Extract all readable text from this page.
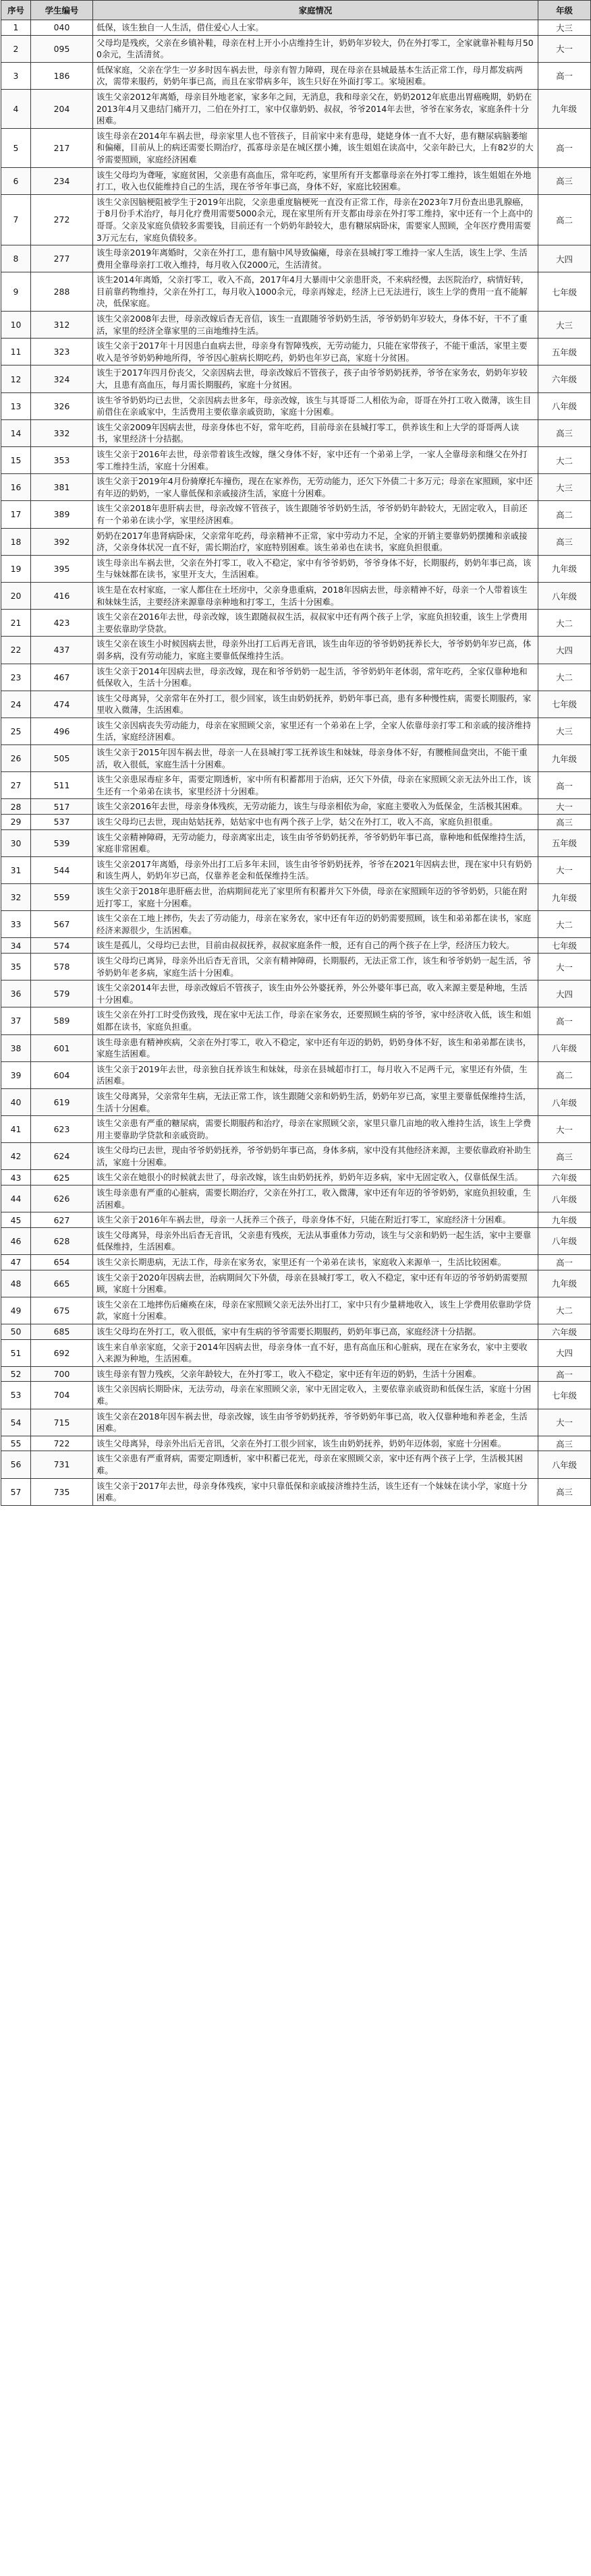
序号	学生编号	家庭情况	年级
1	040	低保，该生独自一人生活，借住爱心人士家。	大三
2	095	父母均是残疾，父亲在乡镇补鞋，母亲在村上开小小店维持生计，奶奶年岁较大，仍在外打零工，全家就靠补鞋每月500余元，生活清贫。	大一
3	186	低保家庭，父亲在学生一岁多时因车祸去世，母亲有智力障碍，现在母亲在县城最基本生活正常工作，母月都发病两次，需带来服药，奶奶年事已高，而且在家带病多年，该生只好在外面打零工。家境困难。	高一
4	204	该生父亲2012年离婚，母亲目外地老家，家多年之间，无消息，我和母亲父在，奶奶2012年底患出胃癌晚期，奶奶在2013年4月又患结门痛开刀，二伯在外打工，家中仅靠奶奶、叔叔，爷爷2014年去世，爷爷在家务农，家庭条件十分困难。	九年级
5	217	该生母亲在2014年车祸去世，母亲家里人也不管孩子，目前家中来有患母，姥姥身体一直不大好，患有糖尿病脑萎缩和偏瘫，目前从上的病还需要长期治疗，孤寡母亲是在城区摆小摊，该生姐姐在读高中，父亲年龄已大，上有82岁的大爷需要照顾，家庭经济困难	高一
6	234	该生父母均为聋哑，家庭贫困，父亲患有高血压，常年吃药，家里所有开支都靠母亲在外打零工维持，该生姐姐在外地打工，收入也仅能维持自己的生活，现在爷爷年事已高，身体不好，家庭比较困难。	高三
7	272	该生父亲因脑梗阻被学生于2019年出院，父亲患重度脑梗死一直没有正常工作，母亲在2023年7月份查出患乳腺癌，于8月份手术治疗，每月化疗费用需要5000余元，现在家里所有开支都由母亲在外打零工维持，家中还有一个上高中的哥哥。父亲及家庭负债较多需要钱，目前还有一个奶奶年龄较大，患有糖尿病卧床，需要家人照顾，全年医疗费用需要3万元左右，家庭负债较多。	高二
8	277	该生母亲2019年离婚时，父亲在外打工，患有脑中风导致偏瘫，母亲在县城打零工维持一家人生活，该生上学、生活费用全靠母亲打工收入维持，每月收入仅2000元，生活清贫。	大四
9	288	该生2014年离婚，父亲打零工，收入不高，2017年4月大暴雨中父亲患肝炎，不来病经慢，去医院治疗，病情好转，目前靠药物维持，父亲在外打工，每月收入1000余元，母亲再嫁走，经济上已无法进行，该生上学的费用一直不能解决，低保家庭。	七年级
10	312	该生父亲2008年去世，母亲改嫁后杳无音信，该生一直跟随爷爷奶奶生活，爷爷奶奶年岁较大，身体不好，干不了重活，家里的经济全靠家里的三亩地维持生活。	大三
11	323	该生父亲于2017年十月因患白血病去世，母亲身有智障残疾，无劳动能力，只能在家带孩子，不能干重活，家里主要收入是爷爷奶奶种地所得，爷爷因心脏病长期吃药，奶奶也年岁已高，家庭十分贫困。	五年级
12	324	该生于2017年四月份丧父，父亲因病去世，母亲改嫁后不管孩子，孩子由爷爷奶奶抚养，爷爷在家务农，奶奶年岁较大，且患有高血压，每月需长期服药，家庭十分贫困。	六年级
13	326	该生爷爷奶奶均已去世，父亲因病去世多年，母亲改嫁，该生与其哥哥二人相依为命，哥哥在外打工收入微薄，该生目前借住在亲戚家中，生活费用主要依靠亲戚资助，家庭十分困难。	八年级
14	332	该生父亲2009年因病去世，母亲身体也不好，常年吃药，目前母亲在县城打零工，供养该生和上大学的哥哥两人读书，家里经济十分拮据。	高三
15	353	该生父亲于2016年去世，母亲带着该生改嫁，继父身体不好，家中还有一个弟弟上学，一家人全靠母亲和继父在外打零工维持生活，家庭十分困难。	大二
16	381	该生父亲于2019年4月份骑摩托车撞伤，现在在家养伤，无劳动能力，还欠下外债二十多万元；母亲在家照顾，家中还有年迈的奶奶，一家人靠低保和亲戚接济生活，家庭十分困难。	大三
17	389	该生父亲2018年患肝病去世，母亲改嫁不管孩子，该生跟随爷爷奶奶生活，爷爷奶奶年龄较大，无固定收入，目前还有一个弟弟在读小学，家里经济困难。	高二
18	392	奶奶在2017年患肾病卧床，父亲常年吃药，母亲精神不正常，家中劳动力不足，全家的开销主要靠奶奶摆摊和亲戚接济，父亲身体状况一直不好，需长期治疗，家庭特别困难。该生弟弟也在读书，家庭负担很重。	高三
19	395	该生母亲出车祸去世，父亲在外打零工，收入不稳定，家中有爷爷奶奶，爷爷身体不好，长期服药，奶奶年事已高，该生与妹妹都在读书，家里开支大，生活困难。	九年级
20	416	该生是在农村家庭，一家人都住在土坯房中，父亲身患重病，2018年因病去世，母亲精神不好，母亲一个人带着该生和妹妹生活，主要经济来源靠母亲种地和打零工，生活十分困难。	八年级
21	423	该生父亲在2016年去世，母亲改嫁，该生跟随叔叔生活，叔叔家中还有两个孩子上学，家庭负担较重，该生上学费用主要依靠助学贷款。	大二
22	437	该生父亲在该生小时候因病去世，母亲外出打工后再无音讯，该生由年迈的爷爷奶奶抚养长大，爷爷奶奶年岁已高，体弱多病，没有劳动能力，家庭主要靠低保维持生活。	大四
23	467	该生父亲于2014年因病去世，母亲改嫁，现在和爷爷奶奶一起生活，爷爷奶奶年老体弱，常年吃药，全家仅靠种地和低保收入，生活十分困难。	大二
24	474	该生父母离异，父亲常年在外打工，很少回家，该生由奶奶抚养，奶奶年事已高，患有多种慢性病，需要长期服药，家里收入微薄，生活困难。	七年级
25	496	该生父亲因病丧失劳动能力，母亲在家照顾父亲，家里还有一个弟弟在上学，全家人依靠母亲打零工和亲戚的接济维持生活，家庭经济困难。	大三
26	505	该生父亲于2015年因车祸去世，母亲一人在县城打零工抚养该生和妹妹，母亲身体不好，有腰椎间盘突出，不能干重活，收入很低，家庭生活十分困难。	九年级
27	511	该生父亲患尿毒症多年，需要定期透析，家中所有积蓄都用于治病，还欠下外债，母亲在家照顾父亲无法外出工作，该生还有一个弟弟在读书，家里经济十分困难。	高一
28	517	该生父亲2016年去世，母亲身体残疾，无劳动能力，该生与母亲相依为命，家庭主要收入为低保金，生活极其困难。	大一
29	537	该生父母均已去世，现由姑姑抚养，姑姑家中也有两个孩子上学，姑父在外打工，收入不高，家庭负担很重。	高三
30	539	该生父亲精神障碍，无劳动能力，母亲离家出走，该生由爷爷奶奶抚养，爷爷奶奶年事已高，靠种地和低保维持生活，家庭非常困难。	五年级
31	544	该生父亲2017年离婚，母亲外出打工后多年未回，该生由爷爷奶奶抚养，爷爷在2021年因病去世，现在家中只有奶奶和该生两人，奶奶年岁已高，仅靠养老金和低保维持生活。	大一
32	559	该生父亲于2018年患肝癌去世，治病期间花光了家里所有积蓄并欠下外债，母亲在家照顾年迈的爷爷奶奶，只能在附近打零工，家庭十分困难。	九年级
33	567	该生父亲在工地上摔伤，失去了劳动能力，母亲在家务农，家中还有年迈的奶奶需要照顾，该生和弟弟都在读书，家庭经济来源很少，生活困难。	大二
34	574	该生是孤儿，父母均已去世，目前由叔叔抚养，叔叔家庭条件一般，还有自己的两个孩子在上学，经济压力较大。	七年级
35	578	该生父母均已离异，母亲外出后杳无音讯，父亲有精神障碍，长期服药，无法正常工作，该生和爷爷奶奶一起生活，爷爷奶奶年老多病，家庭生活十分困难。	大一
36	579	该生父亲2014年去世，母亲改嫁后不管孩子，该生由外公外婆抚养，外公外婆年事已高，收入来源主要是种地，生活十分困难。	大四
37	589	该生父亲在外打工时受伤致残，现在家中无法工作，母亲在家务农，还要照顾生病的爷爷，家中经济收入低，该生和姐姐都在读书，家庭负担重。	高一
38	601	该生母亲患有精神疾病，父亲在外打零工，收入不稳定，家中还有年迈的奶奶，奶奶身体不好，该生和弟弟都在读书，家庭生活困难。	八年级
39	604	该生父亲于2019年去世，母亲独自抚养该生和妹妹，母亲在县城超市打工，每月收入不足两千元，家里还有外债，生活困难。	高二
40	619	该生父母离异，父亲常年生病，无法正常工作，该生跟随父亲和奶奶生活，奶奶年岁已高，家里主要靠低保维持生活，生活十分困难。	八年级
41	623	该生父亲患有严重的糖尿病，需要长期服药和治疗，母亲在家照顾父亲，家里只靠几亩地的收入维持生活，该生上学费用主要靠助学贷款和亲戚资助。	大一
42	624	该生父母均已去世，现由爷爷奶奶抚养，爷爷奶奶年事已高，身体多病，家中没有其他经济来源，主要依靠政府补助生活，家庭十分困难。	高三
43	625	该生父亲在她很小的时候就去世了，母亲改嫁，该生由奶奶抚养，奶奶年迈多病，家中无固定收入，仅靠低保生活。	六年级
44	626	该生母亲患有严重的心脏病，需要长期治疗，父亲在外打工，收入微薄，家中还有年迈的爷爷奶奶，家庭负担较重，生活困难。	八年级
45	627	该生父亲于2016年车祸去世，母亲一人抚养三个孩子，母亲身体不好，只能在附近打零工，家庭经济十分困难。	九年级
46	628	该生父母离异，母亲外出后杳无音讯，父亲患有残疾，无法从事重体力劳动，该生与父亲和奶奶一起生活，家中主要靠低保维持，生活困难。	八年级
47	654	该生父亲长期患病，无法工作，母亲在家务农，家里还有一个弟弟在读书，家庭收入来源单一，生活比较困难。	高一
48	665	该生父亲于2020年因病去世，治病期间欠下外债，母亲在县城打零工，收入不稳定，家中还有年迈的爷爷奶奶需要照顾，家庭十分困难。	九年级
49	675	该生父亲在工地摔伤后瘫痪在床，母亲在家照顾父亲无法外出打工，家中只有少量耕地收入，该生上学费用依靠助学贷款，家庭十分困难。	大二
50	685	该生父母均在外打工，收入很低，家中有生病的爷爷需要长期服药，奶奶年事已高，家庭经济十分拮据。	六年级
51	692	该生来自单亲家庭，父亲于2014年因病去世，母亲身体一直不好，患有高血压和心脏病，现在在家务农，家中主要收入来源为种地，生活困难。	大四
52	700	该生母亲有智力残疾，父亲年龄较大，在外打零工，收入不稳定，家中还有年迈的奶奶，生活十分困难。	高一
53	704	该生父亲因病长期卧床，无法劳动，母亲在家照顾父亲，家中无固定收入，主要依靠亲戚资助和低保生活，家庭十分困难。	七年级
54	715	该生父亲在2018年因车祸去世，母亲改嫁，该生由爷爷奶奶抚养，爷爷奶奶年事已高，收入仅靠种地和养老金，生活困难。	大一
55	722	该生父母离异，母亲外出后无音讯，父亲在外打工很少回家，该生由奶奶抚养，奶奶年迈体弱，家庭十分困难。	高三
56	731	该生父亲患有严重肾病，需要定期透析，家中积蓄已花光，母亲在家照顾父亲，家中还有两个孩子上学，生活极其困难。	八年级
57	735	该生父亲于2017年去世，母亲身体残疾，家中只靠低保和亲戚接济维持生活，该生还有一个妹妹在读小学，家庭十分困难。	高三
